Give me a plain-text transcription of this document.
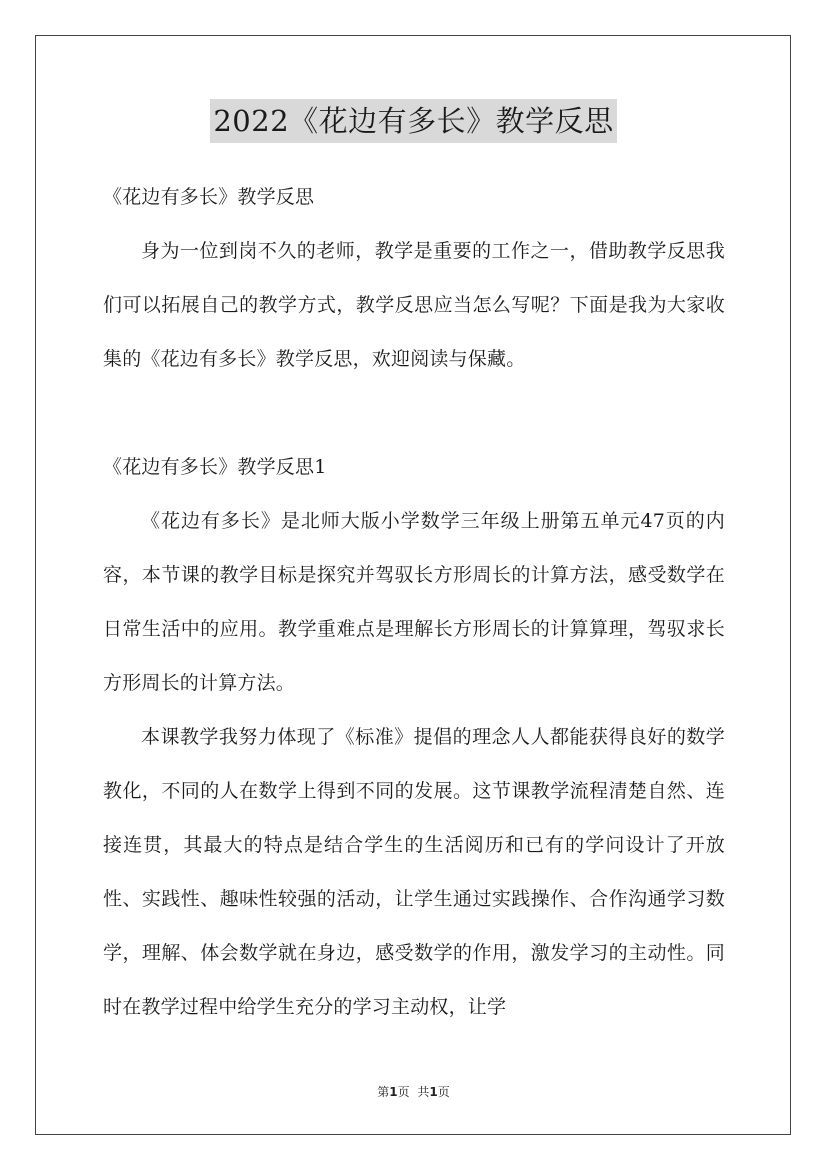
2022《花边有多长》教学反思

《花边有多长》教学反思

身为一位到岗不久的老师，教学是重要的工作之一，借助教学反思我们可以拓展自己的教学方式，教学反思应当怎么写呢？下面是我为大家收集的《花边有多长》教学反思，欢迎阅读与保藏。

《花边有多长》教学反思1

《花边有多长》是北师大版小学数学三年级上册第五单元47页的内容，本节课的教学目标是探究并驾驭长方形周长的计算方法，感受数学在日常生活中的应用。教学重难点是理解长方形周长的计算算理，驾驭求长方形周长的计算方法。

本课教学我努力体现了《标准》提倡的理念人人都能获得良好的数学教化，不同的人在数学上得到不同的发展。这节课教学流程清楚自然、连接连贯，其最大的特点是结合学生的生活阅历和已有的学问设计了开放性、实践性、趣味性较强的活动，让学生通过实践操作、合作沟通学习数学，理解、体会数学就在身边，感受数学的作用，激发学习的主动性。同时在教学过程中给学生充分的学习主动权，让学

第1页 共1页
